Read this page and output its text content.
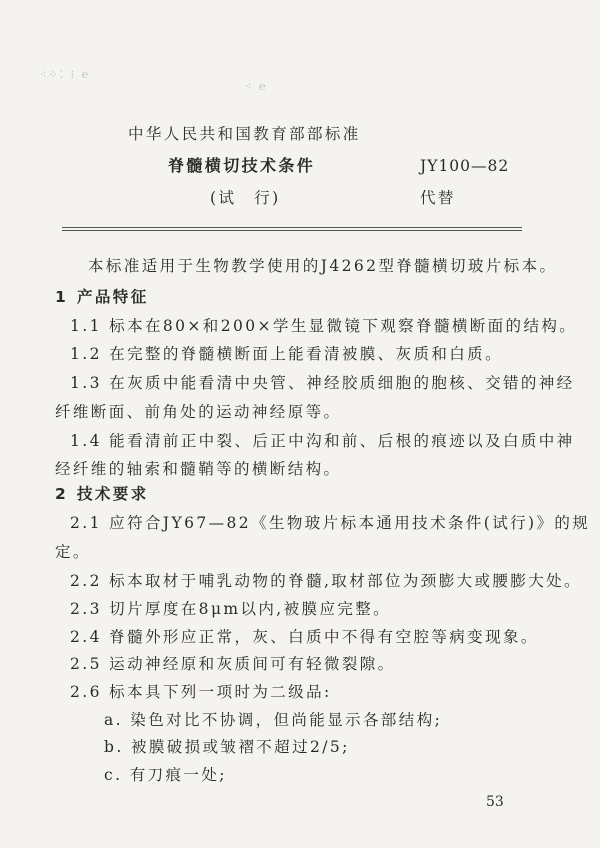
⁖⁘⁚ ⁝ ℮
⁖ ℮
中华人民共和国教育部部标准
脊髓横切技术条件	JY100—82
(试　行)	代替
本标准适用于生物教学使用的J4262型脊髓横切玻片标本。
1 产品特征
1.1 标本在80×和200×学生显微镜下观察脊髓横断面的结构。
1.2 在完整的脊髓横断面上能看清被膜、灰质和白质。
1.3 在灰质中能看清中央管、神经胶质细胞的胞核、交错的神经
纤维断面、前角处的运动神经原等。
1.4 能看清前正中裂、后正中沟和前、后根的痕迹以及白质中神
经纤维的轴索和髓鞘等的横断结构。
2 技术要求
2.1 应符合JY67—82《生物玻片标本通用技术条件(试行)》的规
定。
2.2 标本取材于哺乳动物的脊髓,取材部位为颈膨大或腰膨大处。
2.3 切片厚度在8μm以内,被膜应完整。
2.4 脊髓外形应正常，灰、白质中不得有空腔等病变现象。
2.5 运动神经原和灰质间可有轻微裂隙。
2.6 标本具下列一项时为二级品:
a. 染色对比不协调，但尚能显示各部结构;
b. 被膜破损或皱褶不超过2/5;
c. 有刀痕一处;
53
